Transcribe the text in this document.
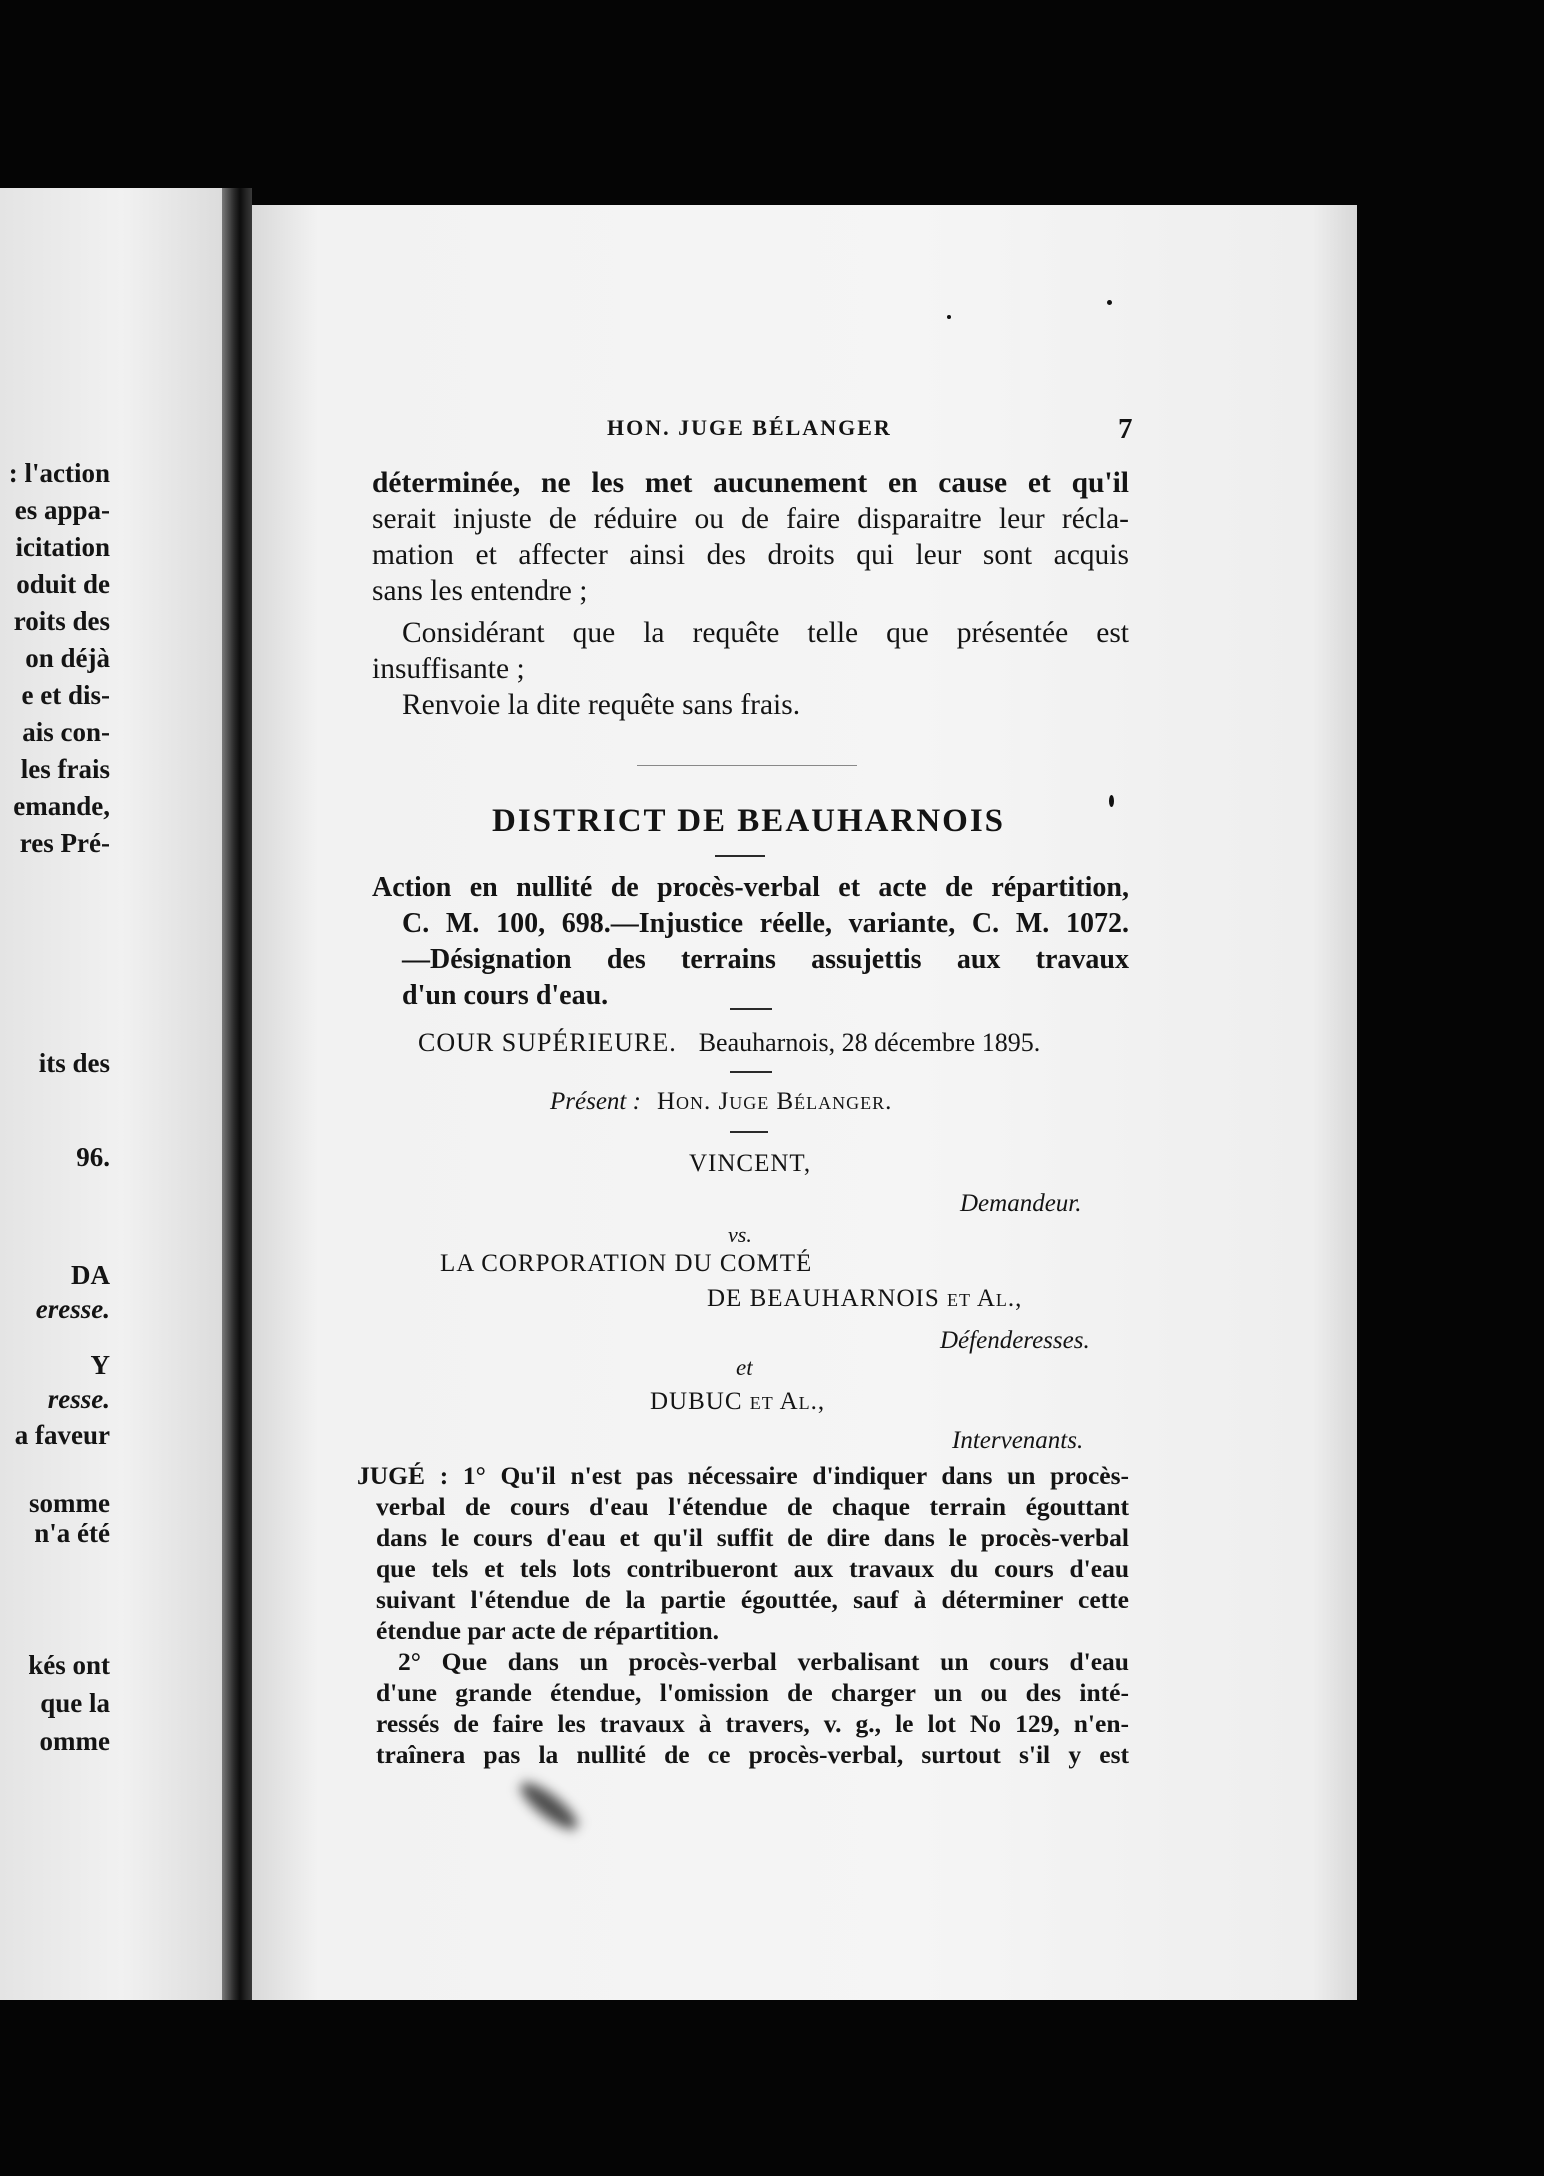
: l'action
es appa-
icitation
oduit de
roits des
on déjà
e et dis-
ais con-
les frais
emande,
res Pré-
its des
96.
DA
eresse.
Y
resse.
a faveur
somme
n'a été
kés ont
que la
omme
HON. JUGE BÉLANGER	7
déterminée, ne les met aucunement en cause et qu'il
serait injuste de réduire ou de faire disparaitre leur récla-
mation et affecter ainsi des droits qui leur sont acquis
sans les entendre ;
Considérant que la requête telle que présentée est
insuffisante ;
Renvoie la dite requête sans frais.
DISTRICT DE BEAUHARNOIS
Action en nullité de procès-verbal et acte de répartition,
C. M. 100, 698.—Injustice réelle, variante, C. M. 1072.
—Désignation des terrains assujettis aux travaux
d'un cours d'eau.
COUR SUPÉRIEURE. Beauharnois, 28 décembre 1895.
Présent : Hon. Juge Bélanger.
VINCENT,
Demandeur.
vs.
LA CORPORATION DU COMTÉ
DE BEAUHARNOIS et Al.,
Défenderesses.
et
DUBUC et Al.,
Intervenants.
JUGÉ : 1° Qu'il n'est pas nécessaire d'indiquer dans un procès-
verbal de cours d'eau l'étendue de chaque terrain égouttant
dans le cours d'eau et qu'il suffit de dire dans le procès-verbal
que tels et tels lots contribueront aux travaux du cours d'eau
suivant l'étendue de la partie égouttée, sauf à déterminer cette
étendue par acte de répartition.
2° Que dans un procès-verbal verbalisant un cours d'eau
d'une grande étendue, l'omission de charger un ou des inté-
ressés de faire les travaux à travers, v. g., le lot No 129, n'en-
traînera pas la nullité de ce procès-verbal, surtout s'il y est
